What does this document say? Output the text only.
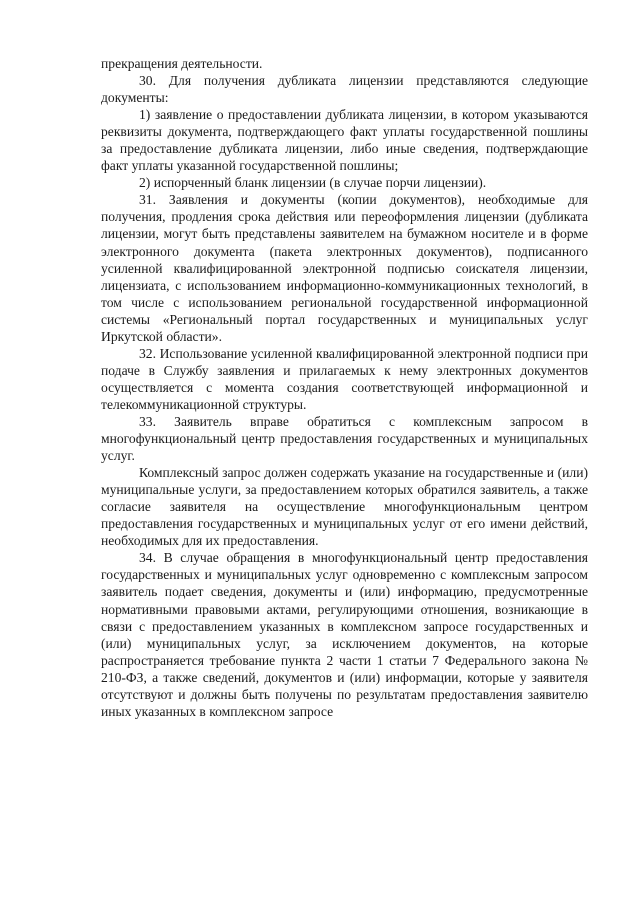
прекращения деятельности.

30. Для получения дубликата лицензии представляются следующие документы:

1) заявление о предоставлении дубликата лицензии, в котором указываются реквизиты документа, подтверждающего факт уплаты государственной пошлины за предоставление дубликата лицензии, либо иные сведения, подтверждающие факт уплаты указанной государственной пошлины;

2) испорченный бланк лицензии (в случае порчи лицензии).

31. Заявления и документы (копии документов), необходимые для получения, продления срока действия или переоформления лицензии (дубликата лицензии, могут быть представлены заявителем на бумажном носителе и в форме электронного документа (пакета электронных документов), подписанного усиленной квалифицированной электронной подписью соискателя лицензии, лицензиата, с использованием информационно-коммуникационных технологий, в том числе с использованием региональной государственной информационной системы «Региональный портал государственных и муниципальных услуг Иркутской области».

32. Использование усиленной квалифицированной электронной подписи при подаче в Службу заявления и прилагаемых к нему электронных документов осуществляется с момента создания соответствующей информационной и телекоммуникационной структуры.

33. Заявитель вправе обратиться с комплексным запросом в многофункциональный центр предоставления государственных и муниципальных услуг.

Комплексный запрос должен содержать указание на государственные и (или) муниципальные услуги, за предоставлением которых обратился заявитель, а также согласие заявителя на осуществление многофункциональным центром предоставления государственных и муниципальных услуг от его имени действий, необходимых для их предоставления.

34. В случае обращения в многофункциональный центр предоставления государственных и муниципальных услуг одновременно с комплексным запросом заявитель подает сведения, документы и (или) информацию, предусмотренные нормативными правовыми актами, регулирующими отношения, возникающие в связи с предоставлением указанных в комплексном запросе государственных и (или) муниципальных услуг, за исключением документов, на которые распространяется требование пункта 2 части 1 статьи 7 Федерального закона № 210-ФЗ, а также сведений, документов и (или) информации, которые у заявителя отсутствуют и должны быть получены по результатам предоставления заявителю иных указанных в комплексном запросе
